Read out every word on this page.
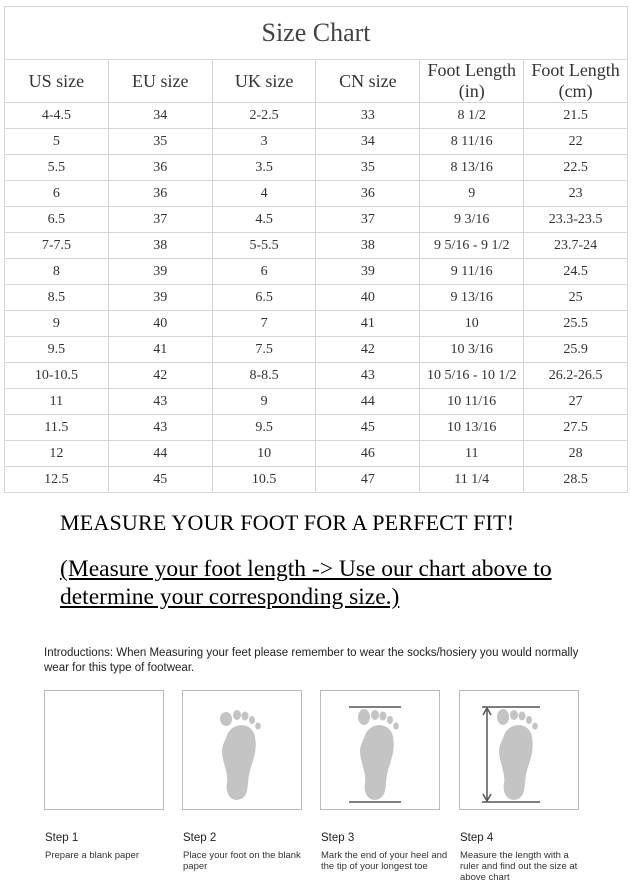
Size Chart					
US size	EU size	UK size	CN size	Foot Length (in)	Foot Length (cm)
4-4.5	34	2-2.5	33	8 1/2	21.5
5	35	3	34	8 11/16	22
5.5	36	3.5	35	8 13/16	22.5
6	36	4	36	9	23
6.5	37	4.5	37	9 3/16	23.3-23.5
7-7.5	38	5-5.5	38	9 5/16 - 9 1/2	23.7-24
8	39	6	39	9 11/16	24.5
8.5	39	6.5	40	9 13/16	25
9	40	7	41	10	25.5
9.5	41	7.5	42	10 3/16	25.9
10-10.5	42	8-8.5	43	10 5/16 - 10 1/2	26.2-26.5
11	43	9	44	10 11/16	27
11.5	43	9.5	45	10 13/16	27.5
12	44	10	46	11	28
12.5	45	10.5	47	11 1/4	28.5
MEASURE YOUR FOOT FOR A PERFECT FIT!
(Measure your foot length -> Use our chart above to determine your corresponding size.)
Introductions: When Measuring your feet please remember to wear the socks/hosiery you would normally wear for this type of footwear.
Step 1
Prepare a blank paper
Step 2
Place your foot on the blank paper
Step 3
Mark the end of your heel and the tip of your longest toe
Step 4
Measure the length with a ruler and find out the size at above chart
